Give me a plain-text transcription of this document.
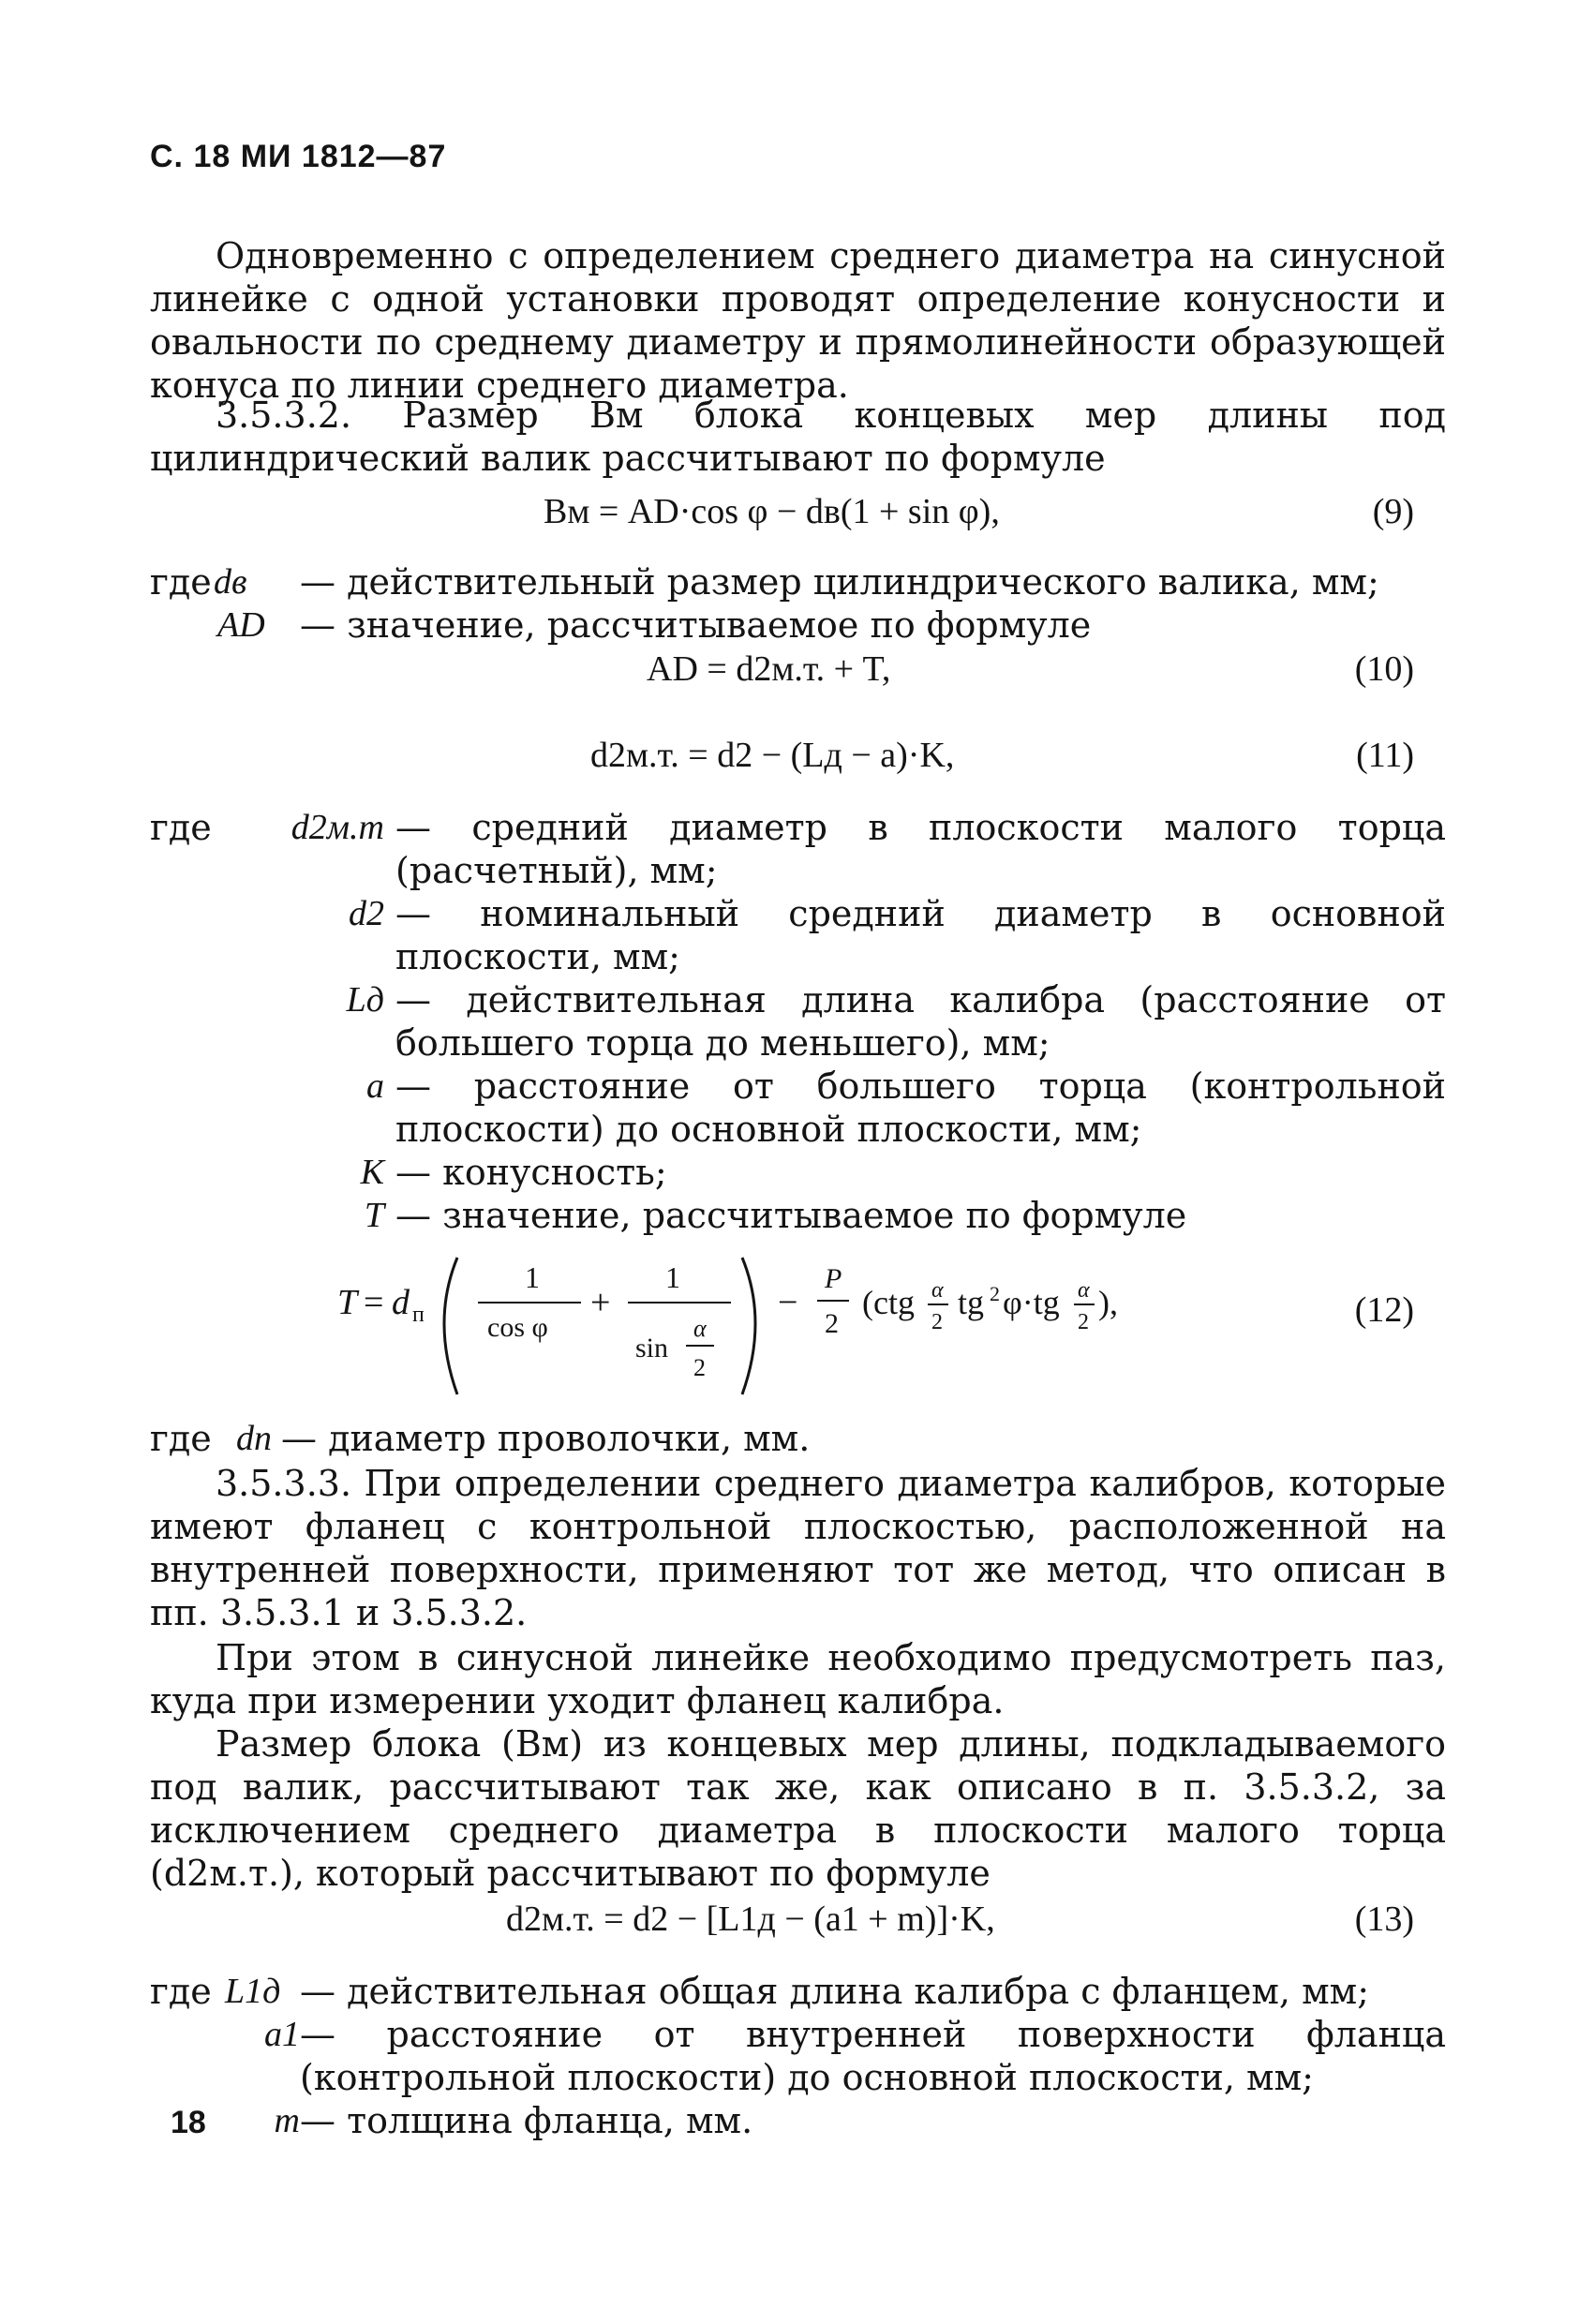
С. 18 МИ 1812—87

Одновременно с определением среднего диаметра на синусной линейке с одной установки проводят определение конусности и овальности по среднему диаметру и прямолинейности образующей конуса по линии среднего диаметра.

3.5.3.2. Размер Bм блока концевых мер длины под цилиндрический валик рассчитывают по формуле

Bм = AD·cos φ − dв(1 + sin φ),	(9)
где dв	— действительный размер цилиндрического валика, мм;
AD — значение, рассчитываемое по формуле
AD = d2м.т. + T,	(10)
d2м.т. = d2 − (Lд − a)·K,	(11)
где	d2м.т — средний диаметр в плоскости малого торца (расчетный), мм;
d2 — номинальный средний диаметр в основной плоскости, мм;
Lд — действительная длина калибра (расстояние от большего торца до меньшего), мм;
a — расстояние от большего торца (контрольной плоскости) до основной плоскости, мм;
K — конусность;
T — значение, рассчитываемое по формуле
T = d п
1
cos φ
+
1
sin
α
2
−
P
2
(ctg α
2
tg 2 φ·tg α
2
),	(12)
где dп — диаметр проволочки, мм.

3.5.3.3. При определении среднего диаметра калибров, которые имеют фланец с контрольной плоскостью, расположенной на внутренней поверхности, применяют тот же метод, что описан в пп. 3.5.3.1 и 3.5.3.2.

При этом в синусной линейке необходимо предусмотреть паз, куда при измерении уходит фланец калибра.

Размер блока (Bм) из концевых мер длины, подкладываемого под валик, рассчитывают так же, как описано в п. 3.5.3.2, за исключением среднего диаметра в плоскости малого торца (d2м.т.), который рассчитывают по формуле

d2м.т. = d2 − [L1д − (a1 + m)]·K,	(13)
где L1д — действительная общая длина калибра с фланцем, мм;
a1 — расстояние от внутренней поверхности фланца (контрольной плоскости) до основной плоскости, мм;
m — толщина фланца, мм.
18
